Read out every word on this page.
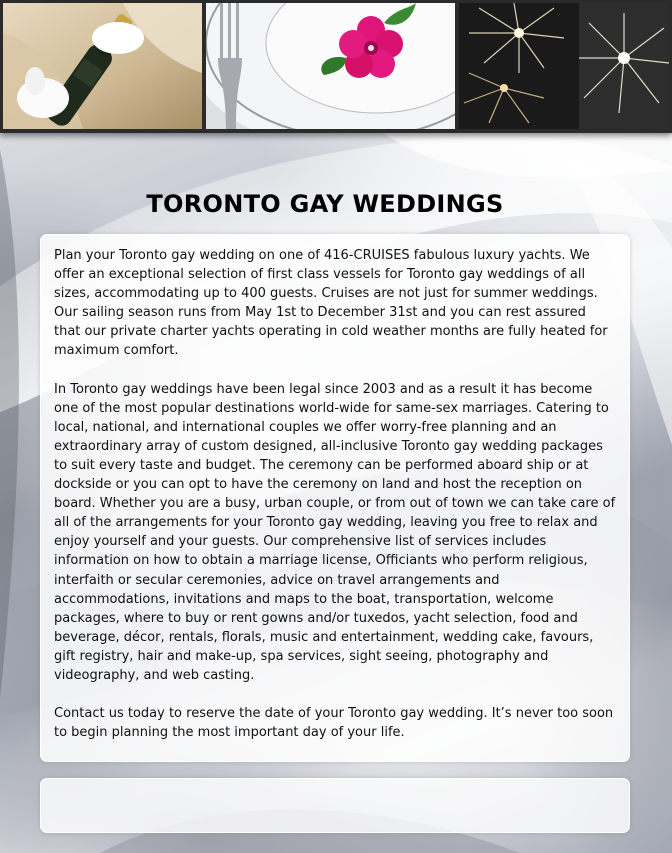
TORONTO GAY WEDDINGS

Plan your Toronto gay wedding on one of 416-CRUISES fabulous luxury yachts. We offer an exceptional selection of first class vessels for Toronto gay weddings of all sizes, accommodating up to 400 guests. Cruises are not just for summer weddings. Our sailing season runs from May 1st to December 31st and you can rest assured that our private charter yachts operating in cold weather months are fully heated for maximum comfort.

In Toronto gay weddings have been legal since 2003 and as a result it has become one of the most popular destinations world-wide for same-sex marriages. Catering to local, national, and international couples we offer worry-free planning and an extraordinary array of custom designed, all-inclusive Toronto gay wedding packages to suit every taste and budget. The ceremony can be performed aboard ship or at dockside or you can opt to have the ceremony on land and host the reception on board. Whether you are a busy, urban couple, or from out of town we can take care of all of the arrangements for your Toronto gay wedding, leaving you free to relax and enjoy yourself and your guests. Our comprehensive list of services includes information on how to obtain a marriage license, Officiants who perform religious, interfaith or secular ceremonies, advice on travel arrangements and accommodations, invitations and maps to the boat, transportation, welcome packages, where to buy or rent gowns and/or tuxedos, yacht selection, food and beverage, décor, rentals, florals, music and entertainment, wedding cake, favours, gift registry, hair and make-up, spa services, sight seeing, photography and videography, and web casting.

Contact us today to reserve the date of your Toronto gay wedding. It’s never too soon to begin planning the most important day of your life.
